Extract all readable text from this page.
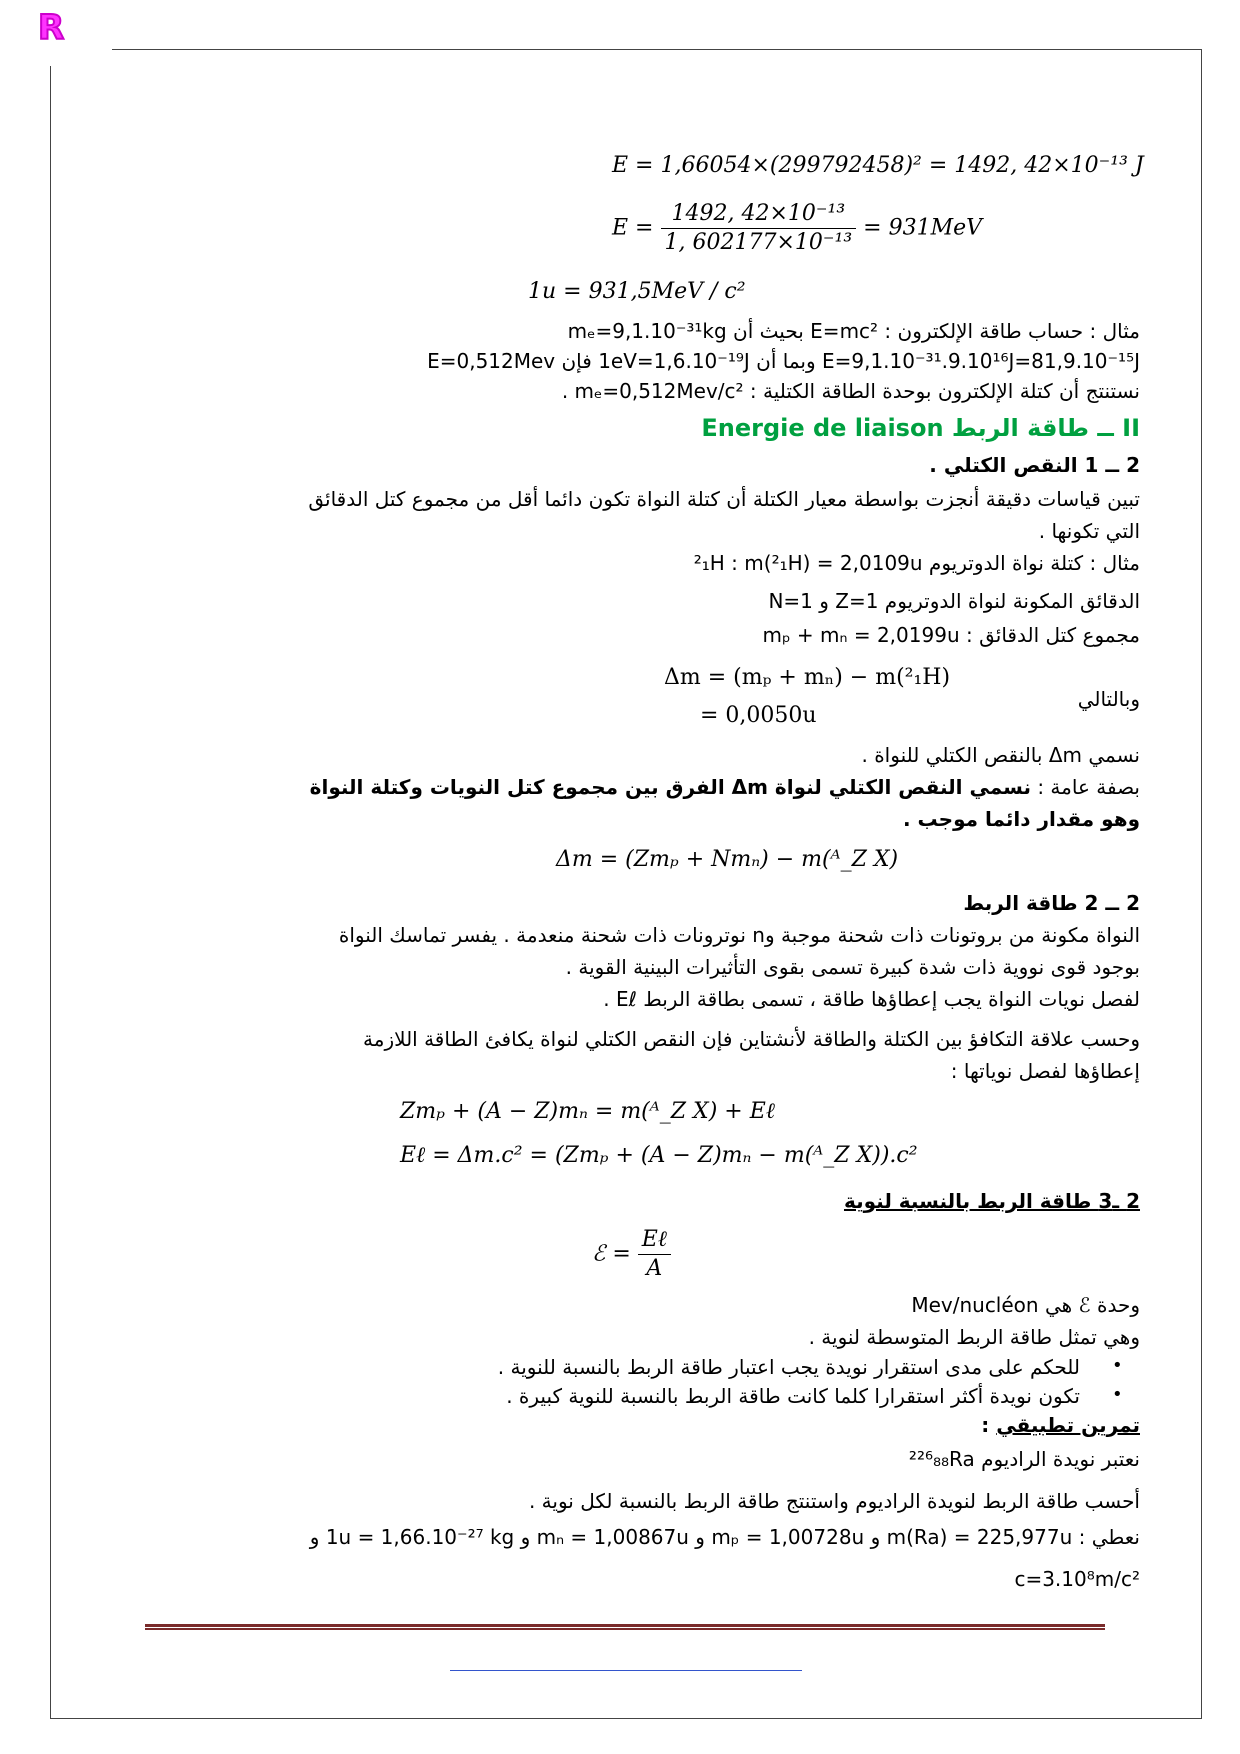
R
E = 1,66054×(299792458)² = 1492, 42×10⁻¹³ J
$E = \frac{\text{1492, 42×10⁻¹³}}{\text{1, 602177×10⁻¹³}} = 931MeV$
1u = 931,5MeV / c²
مثال : حساب طاقة الإلكترون : E=mc² بحيث أن mₑ=9,1.10⁻³¹kg
E=9,1.10⁻³¹.9.10¹⁶J=81,9.10⁻¹⁵J وبما أن 1eV=1,6.10⁻¹⁹J فإن E=0,512Mev
نستنتج أن كتلة الإلكترون بوحدة الطاقة الكتلية : mₑ=0,512Mev/c² .
II ــ طاقة الربط Energie de liaison
2 ــ 1 النقص الكتلي .
تبين قياسات دقيقة أنجزت بواسطة معيار الكتلة أن كتلة النواة تكون دائما أقل من مجموع كتل الدقائق
التي تكونها .
مثال : كتلة نواة الدوتريوم ²₁H : m(²₁H) = 2,0109u
الدقائق المكونة لنواة الدوتريوم Z=1 و N=1
مجموع كتل الدقائق : mₚ + mₙ = 2,0199u
Δm = (mₚ + mₙ) − m(²₁H)
وبالتالي
= 0,0050u
نسمي Δm بالنقص الكتلي للنواة .
بصفة عامة : نسمي النقص الكتلي لنواة Δm الفرق بين مجموع كتل النويات وكتلة النواة
وهو مقدار دائما موجب .
Δm = (Zmₚ + Nmₙ) − m(ᴬ_Z X)
2 ــ 2 طاقة الربط
النواة مكونة من بروتونات ذات شحنة موجبة وn نوترونات ذات شحنة منعدمة . يفسر تماسك النواة
بوجود قوى نووية ذات شدة كبيرة تسمى بقوى التأثيرات البينية القوية .
لفصل نويات النواة يجب إعطاؤها طاقة ، تسمى بطاقة الربط Eℓ .
وحسب علاقة التكافؤ بين الكتلة والطاقة لأنشتاين فإن النقص الكتلي لنواة يكافئ الطاقة اللازمة
إعطاؤها لفصل نوياتها :
Zmₚ + (A − Z)mₙ = m(ᴬ_Z X) + Eℓ
Eℓ = Δm.c² = (Zmₚ + (A − Z)mₙ − m(ᴬ_Z X)).c²
2 ـ3 طاقة الربط بالنسبة لنوية
ℰ = $\frac{\text{Eℓ}}{A}$
وحدة ℰ هي Mev/nucléon
وهي تمثل طاقة الربط المتوسطة لنوية .
•
للحكم على مدى استقرار نويدة يجب اعتبار طاقة الربط بالنسبة للنوية .
•
تكون نويدة أكثر استقرارا كلما كانت طاقة الربط بالنسبة للنوية كبيرة .
تمرين تطبيقي :
نعتبر نويدة الراديوم ²²⁶₈₈Ra
أحسب طاقة الربط لنويدة الراديوم واستنتج طاقة الربط بالنسبة لكل نوية .
نعطي : m(Ra) = 225,977u و mₚ = 1,00728u و mₙ = 1,00867u و 1u = 1,66.10⁻²⁷ kg و
c=3.10⁸m/c²
